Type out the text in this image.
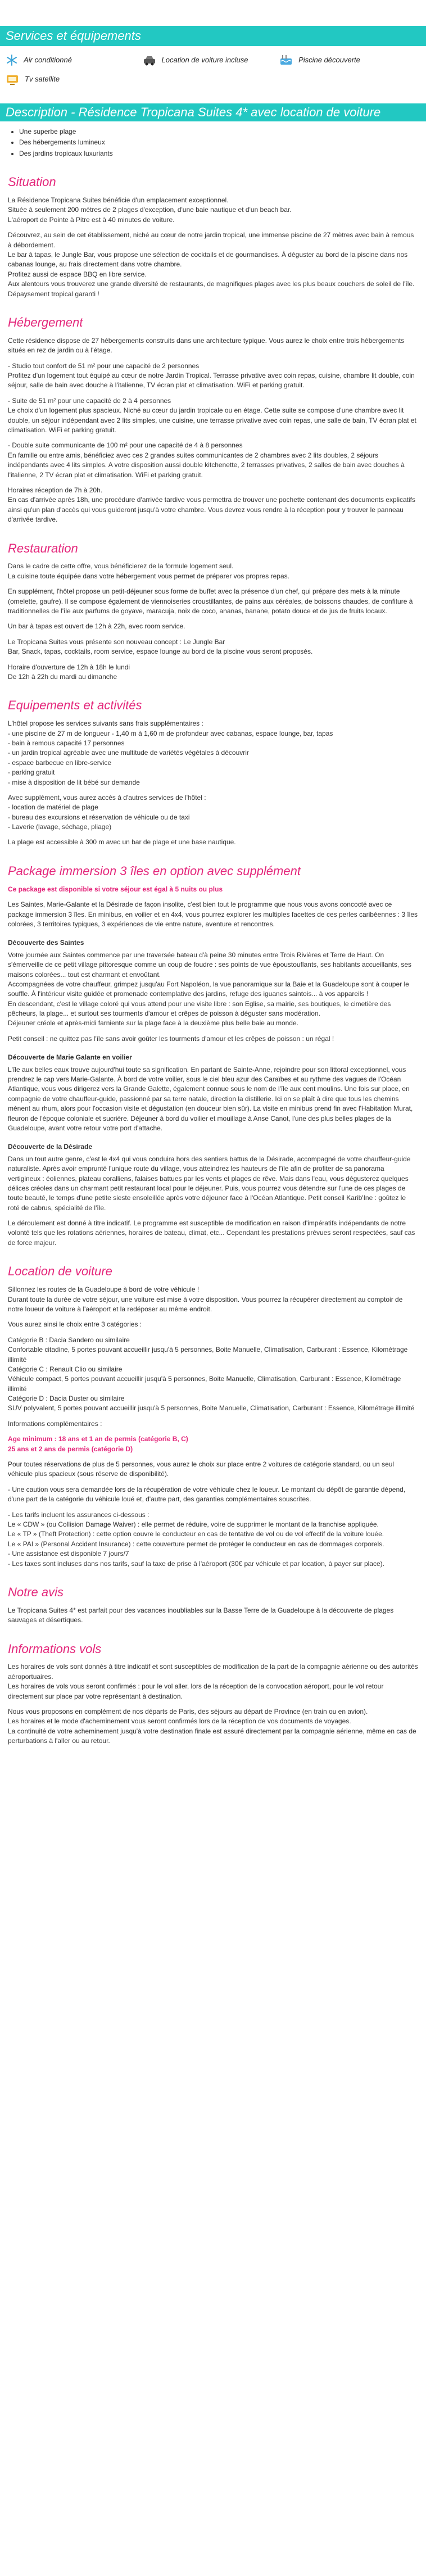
Services et équipements
Air conditionné	Location de voiture incluse	Piscine découverte
Tv satellite
Description - Résidence Tropicana Suites 4* avec location de voiture
• Une superbe plage
• Des hébergements lumineux
• Des jardins tropicaux luxuriants
Situation
La Résidence Tropicana Suites bénéficie d'un emplacement exceptionnel.
Située à seulement 200 mètres de 2 plages d'exception, d'une baie nautique et d'un beach bar.
L'aéroport de Pointe à Pitre est à 40 minutes de voiture.
Découvrez, au sein de cet établissement, niché au cœur de notre jardin tropical, une immense piscine de 27 mètres avec bain à remous à débordement.
Le bar à tapas, le Jungle Bar, vous propose une sélection de cocktails et de gourmandises. À déguster au bord de la piscine dans nos cabanas lounge, au frais directement dans votre chambre.
Profitez aussi de espace BBQ en libre service.
Aux alentours vous trouverez une grande diversité de restaurants, de magnifiques plages avec les plus beaux couchers de soleil de l'île. Dépaysement tropical garanti !
Hébergement
Cette résidence dispose de 27 hébergements construits dans une architecture typique. Vous aurez le choix entre trois hébergements situés en rez de jardin ou à l'étage.
- Studio tout confort de 51 m² pour une capacité de 2 personnes
Profitez d'un logement tout équipé au cœur de notre Jardin Tropical. Terrasse privative avec coin repas, cuisine, chambre lit double, coin séjour, salle de bain avec douche à l'italienne, TV écran plat et climatisation. WiFi et parking gratuit.
- Suite de 51 m² pour une capacité de 2 à 4 personnes
Le choix d'un logement plus spacieux. Niché au cœur du jardin tropicale ou en étage. Cette suite se compose d'une chambre avec lit double, un séjour indépendant avec 2 lits simples, une cuisine, une terrasse privative avec coin repas, une salle de bain, TV écran plat et climatisation. WiFi et parking gratuit.
- Double suite communicante de 100 m² pour une capacité de 4 à 8 personnes
En famille ou entre amis, bénéficiez avec ces 2 grandes suites communicantes de 2 chambres avec 2 lits doubles, 2 séjours indépendants avec 4 lits simples. A votre disposition aussi double kitchenette, 2 terrasses privatives, 2 salles de bain avec douches à l'italienne, 2 TV écran plat et climatisation. WiFi et parking gratuit.
Horaires réception de 7h à 20h.
En cas d'arrivée après 18h, une procédure d'arrivée tardive vous permettra de trouver une pochette contenant des documents explicatifs ainsi qu'un plan d'accès qui vous guideront jusqu'à votre chambre. Vous devrez vous rendre à la réception pour y trouver le panneau d'arrivée tardive.
Restauration
Dans le cadre de cette offre, vous bénéficierez de la formule logement seul.
La cuisine toute équipée dans votre hébergement vous permet de préparer vos propres repas.
En supplément, l'hôtel propose un petit-déjeuner sous forme de buffet avec la présence d'un chef, qui prépare des mets à la minute (omelette, gaufre). Il se compose également de viennoiseries croustillantes, de pains aux céréales, de boissons chaudes, de confiture à traditionnelles de l'île aux parfums de goyave, maracuja, noix de coco, ananas, banane, potato douce et de jus de fruits locaux.
Un bar à tapas est ouvert de 12h à 22h, avec room service.
Le Tropicana Suites vous présente son nouveau concept : Le Jungle Bar
Bar, Snack, tapas, cocktails, room service, espace lounge au bord de la piscine vous seront proposés.
Horaire d'ouverture de 12h à 18h le lundi
De 12h à 22h du mardi au dimanche
Equipements et activités
L'hôtel propose les services suivants sans frais supplémentaires :
- une piscine de 27 m de longueur - 1,40 m à 1,60 m de profondeur avec cabanas, espace lounge, bar, tapas
- bain à remous capacité 17 personnes
- un jardin tropical agréable avec une multitude de variétés végétales à découvrir
- espace barbecue en libre-service
- parking gratuit
- mise à disposition de lit bébé sur demande
Avec supplément, vous aurez accès à d'autres services de l'hôtel :
- location de matériel de plage
- bureau des excursions et réservation de véhicule ou de taxi
- Laverie (lavage, séchage, pliage)
La plage est accessible à 300 m avec un bar de plage et une base nautique.
Package immersion 3 îles en option avec supplément
Ce package est disponible si votre séjour est égal à 5 nuits ou plus
Les Saintes, Marie-Galante et la Désirade de façon insolite, c'est bien tout le programme que nous vous avons concocté avec ce package immersion 3 îles. En minibus, en voilier et en 4x4, vous pourrez explorer les multiples facettes de ces perles caribéennes : 3 îles colorées, 3 territoires typiques, 3 expériences de vie entre nature, aventure et rencontres.
Découverte des Saintes
Votre journée aux Saintes commence par une traversée bateau d'à peine 30 minutes entre Trois Rivières et Terre de Haut. On s'émerveille de ce petit village pittoresque comme un coup de foudre : ses points de vue époustouflants, ses habitants accueillants, ses maisons colorées... tout est charmant et envoûtant.
Accompagnées de votre chauffeur, grimpez jusqu'au Fort Napoléon, la vue panoramique sur la Baie et la Guadeloupe sont à couper le souffle. À l'intérieur visite guidée et promenade contemplative des jardins, refuge des iguanes saintois... à vos appareils !
En descendant, c'est le village coloré qui vous attend pour une visite libre : son Eglise, sa mairie, ses boutiques, le cimetière des pêcheurs, la plage... et surtout ses tourments d'amour et crêpes de poisson à déguster sans modération.
Déjeuner créole et après-midi farniente sur la plage face à la deuxième plus belle baie au monde.
Petit conseil : ne quittez pas l'île sans avoir goûter les tourments d'amour et les crêpes de poisson : un régal !
Découverte de Marie Galante en voilier
L'île aux belles eaux trouve aujourd'hui toute sa signification. En partant de Sainte-Anne, rejoindre pour son littoral exceptionnel, vous prendrez le cap vers Marie-Galante. À bord de votre voilier, sous le ciel bleu azur des Caraïbes et au rythme des vagues de l'Océan Atlantique, vous vous dirigerez vers la Grande Galette, également connue sous le nom de l'île aux cent moulins. Une fois sur place, en compagnie de votre chauffeur-guide, passionné par sa terre natale, direction la distillerie. Ici on se plaît à dire que tous les chemins mènent au rhum, alors pour l'occasion visite et dégustation (en douceur bien sûr). La visite en minibus prend fin avec l'Habitation Murat, fleuron de l'époque coloniale et sucrière. Déjeuner à bord du voilier et mouillage à Anse Canot, l'une des plus belles plages de la Guadeloupe, avant votre retour votre port d'attache.
Découverte de la Désirade
Dans un tout autre genre, c'est le 4x4 qui vous conduira hors des sentiers battus de la Désirade, accompagné de votre chauffeur-guide naturaliste. Après avoir emprunté l'unique route du village, vous atteindrez les hauteurs de l'île afin de profiter de sa panorama vertigineux : éoliennes, plateau coralliens, falaises battues par les vents et plages de rêve. Mais dans l'eau, vous dégusterez quelques délices créoles dans un charmant petit restaurant local pour le déjeuner. Puis, vous pourrez vous détendre sur l'une de ces plages de toute beauté, le temps d'une petite sieste ensoleillée après votre déjeuner face à l'Océan Atlantique. Petit conseil Karib'Ine : goûtez le roté de cabrus, spécialité de l'île.
Le déroulement est donné à titre indicatif. Le programme est susceptible de modification en raison d'impératifs indépendants de notre volonté tels que les rotations aériennes, horaires de bateau, climat, etc... Cependant les prestations prévues seront respectées, sauf cas de force majeur.
Location de voiture
Sillonnez les routes de la Guadeloupe à bord de votre véhicule !
Durant toute la durée de votre séjour, une voiture est mise à votre disposition. Vous pourrez la récupérer directement au comptoir de notre loueur de voiture à l'aéroport et la redéposer au même endroit.
Vous aurez ainsi le choix entre 3 catégories :
Catégorie B : Dacia Sandero ou similaire
Confortable citadine, 5 portes pouvant accueillir jusqu'à 5 personnes, Boite Manuelle, Climatisation, Carburant : Essence, Kilométrage illimité
Catégorie C : Renault Clio ou similaire
Véhicule compact, 5 portes pouvant accueillir jusqu'à 5 personnes, Boite Manuelle, Climatisation, Carburant : Essence, Kilométrage illimité
Catégorie D : Dacia Duster ou similaire
SUV polyvalent, 5 portes pouvant accueillir jusqu'à 5 personnes, Boite Manuelle, Climatisation, Carburant : Essence, Kilométrage illimité
Informations complémentaires :
Age minimum : 18 ans et 1 an de permis (catégorie B, C)
25 ans et 2 ans de permis (catégorie D)
Pour toutes réservations de plus de 5 personnes, vous aurez le choix sur place entre 2 voitures de catégorie standard, ou un seul véhicule plus spacieux (sous réserve de disponibilité).
- Une caution vous sera demandée lors de la récupération de votre véhicule chez le loueur. Le montant du dépôt de garantie dépend, d'une part de la catégorie du véhicule loué et, d'autre part, des garanties complémentaires souscrites.
- Les tarifs incluent les assurances ci-dessous :
Le « CDW » (ou Collision Damage Waiver) : elle permet de réduire, voire de supprimer le montant de la franchise appliquée.
Le « TP » (Theft Protection) : cette option couvre le conducteur en cas de tentative de vol ou de vol effectif de la voiture louée.
Le « PAI » (Personal Accident Insurance) : cette couverture permet de protéger le conducteur en cas de dommages corporels.
- Une assistance est disponible 7 jours/7
- Les taxes sont incluses dans nos tarifs, sauf la taxe de prise à l'aéroport (30€ par véhicule et par location, à payer sur place).
Notre avis
Le Tropicana Suites 4* est parfait pour des vacances inoubliables sur la Basse Terre de la Guadeloupe à la découverte de plages sauvages et désertiques.
Informations vols
Les horaires de vols sont donnés à titre indicatif et sont susceptibles de modification de la part de la compagnie aérienne ou des autorités aéroportuaires.
Les horaires de vols vous seront confirmés : pour le vol aller, lors de la réception de la convocation aéroport, pour le vol retour directement sur place par votre représentant à destination.
Nous vous proposons en complément de nos départs de Paris, des séjours au départ de Province (en train ou en avion).
Les horaires et le mode d'acheminement vous seront confirmés lors de la réception de vos documents de voyages.
La continuité de votre acheminement jusqu'à votre destination finale est assuré directement par la compagnie aérienne, même en cas de perturbations à l'aller ou au retour.
